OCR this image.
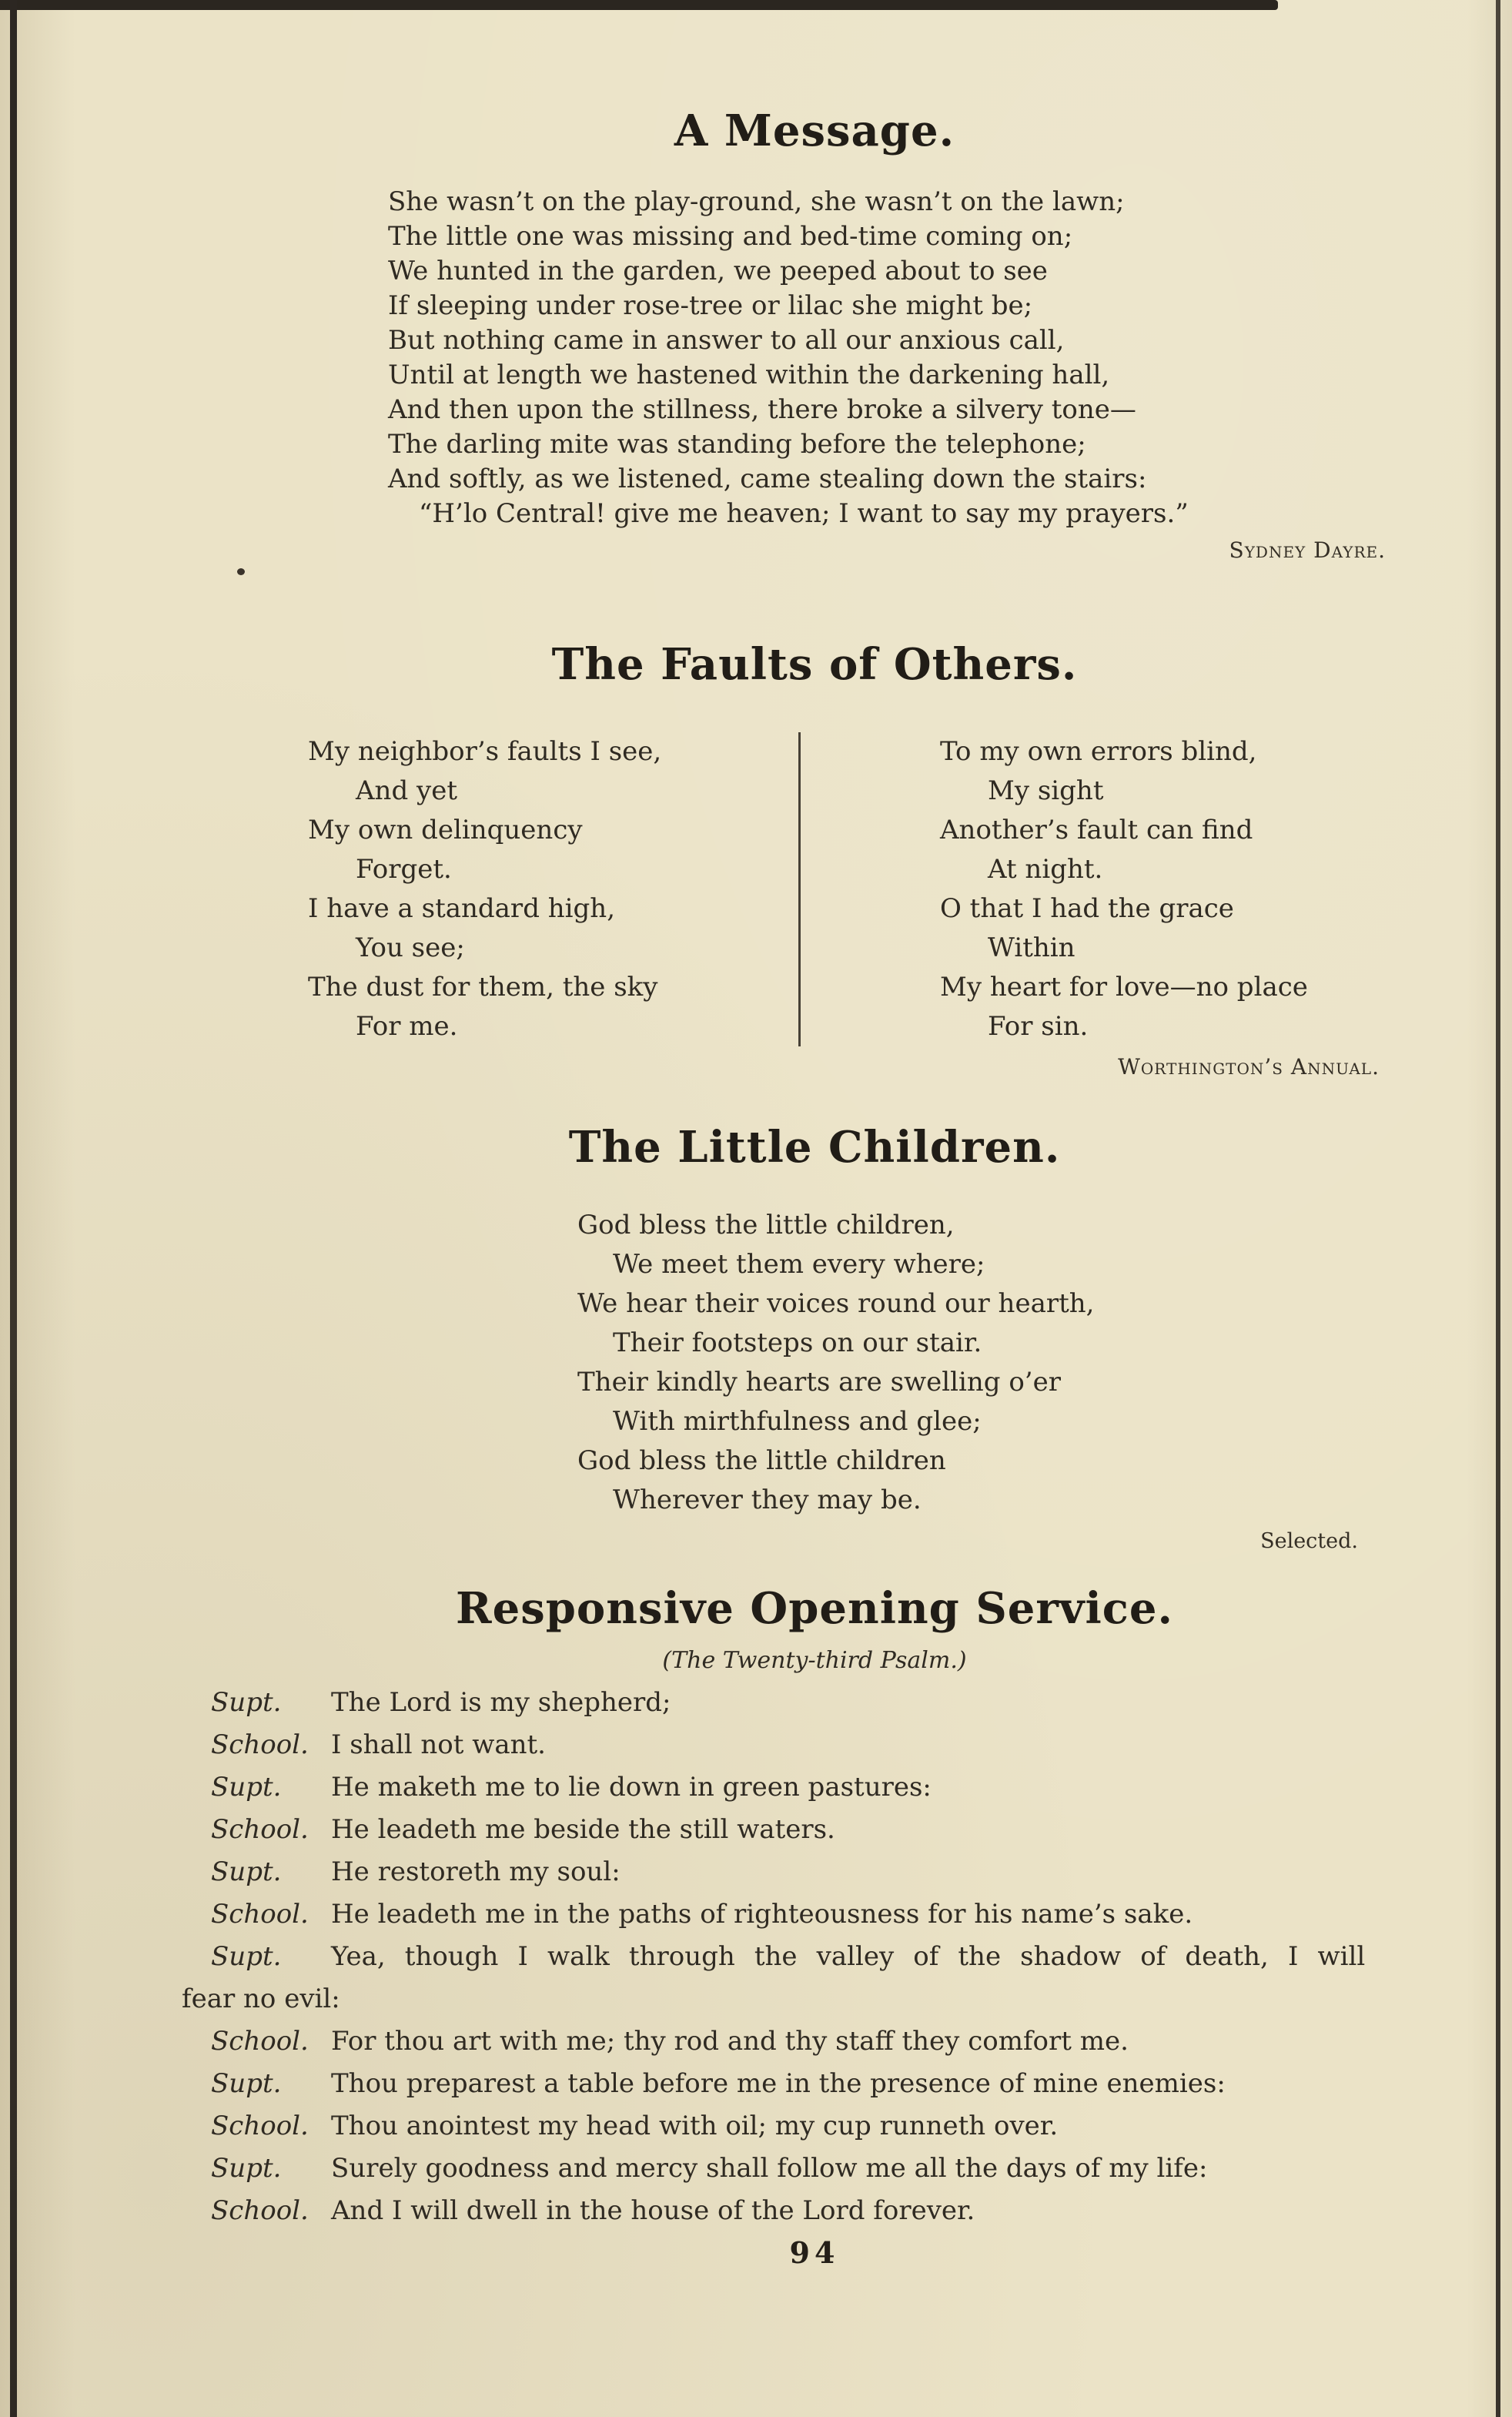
A Message.
She wasn’t on the play-ground, she wasn’t on the lawn;
The little one was missing and bed-time coming on;
We hunted in the garden, we peeped about to see
If sleeping under rose-tree or lilac she might be;
But nothing came in answer to all our anxious call,
Until at length we hastened within the darkening hall,
And then upon the stillness, there broke a silvery tone—
The darling mite was standing before the telephone;
And softly, as we listened, came stealing down the stairs:
“H’lo Central! give me heaven; I want to say my prayers.”
Sydney Dayre.
The Faults of Others.
My neighbor’s faults I see,
And yet
My own delinquency
Forget.
I have a standard high,
You see;
The dust for them, the sky
For me.
To my own errors blind,
My sight
Another’s fault can find
At night.
O that I had the grace
Within
My heart for love—no place
For sin.
Worthington’s Annual.
The Little Children.
God bless the little children,
We meet them every where;
We hear their voices round our hearth,
Their footsteps on our stair.
Their kindly hearts are swelling o’er
With mirthfulness and glee;
God bless the little children
Wherever they may be.
Selected.
Responsive Opening Service.
(The Twenty-third Psalm.)

Supt. The Lord is my shepherd;

School. I shall not want.

Supt. He maketh me to lie down in green pastures:

School. He leadeth me beside the still waters.

Supt. He restoreth my soul:

School. He leadeth me in the paths of righteousness for his name’s sake.

Supt. Yea, though I walk through the valley of the shadow of death, I will
fear no evil:

School. For thou art with me; thy rod and thy staff they comfort me.

Supt. Thou preparest a table before me in the presence of mine enemies:

School. Thou anointest my head with oil; my cup runneth over.

Supt. Surely goodness and mercy shall follow me all the days of my life:

School. And I will dwell in the house of the Lord forever.

94
